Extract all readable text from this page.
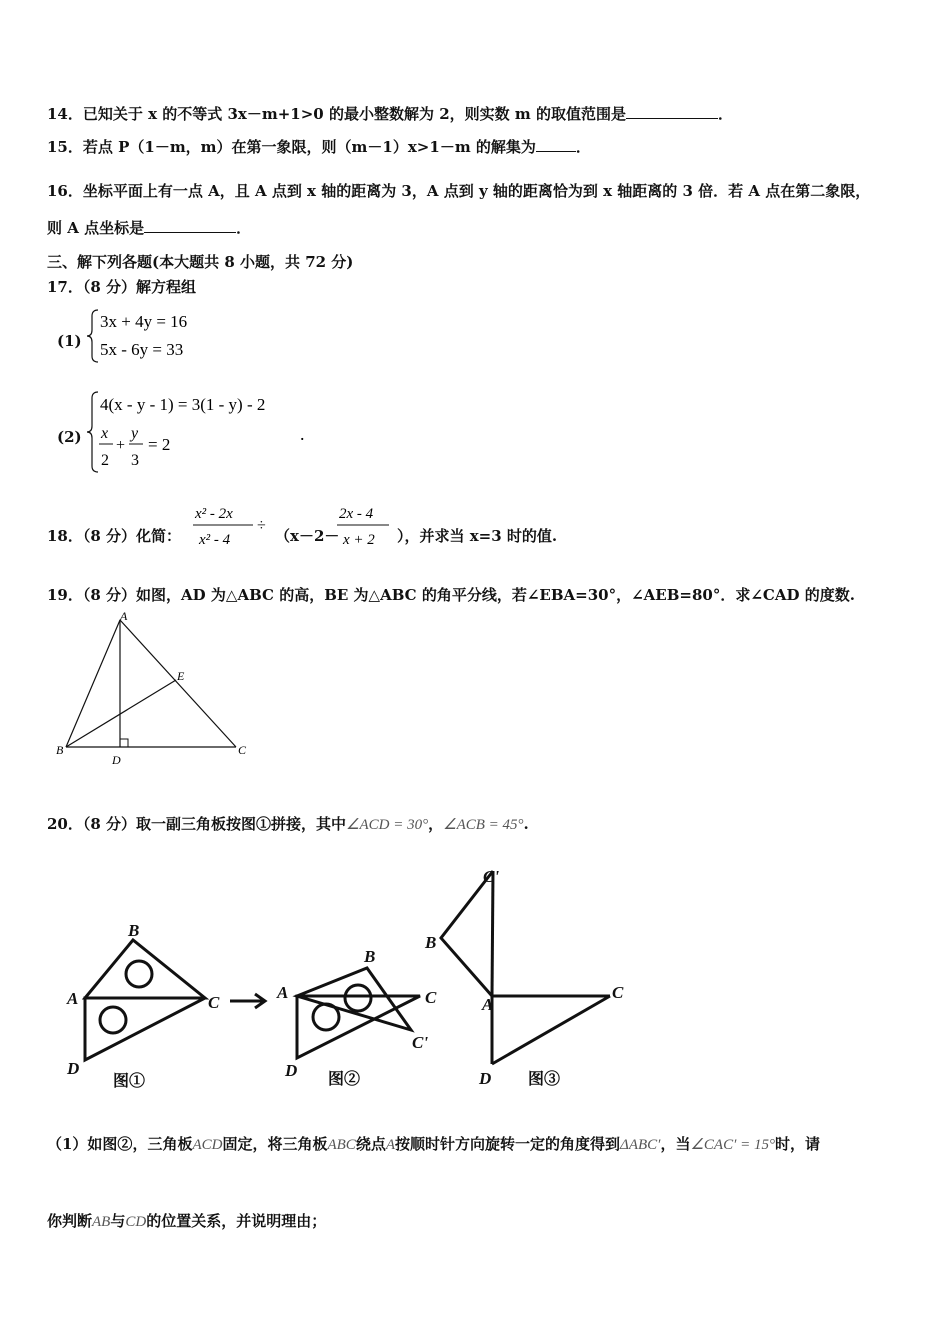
14．已知关于 x 的不等式 3x－m+1>0 的最小整数解为 2，则实数 m 的取值范围是	．
15．若点 P（1－m，m）在第一象限，则（m－1）x>1－m 的解集为	．
16．坐标平面上有一点 A，且 A 点到 x 轴的距离为 3，A 点到 y 轴的距离恰为到 x 轴距离的 3 倍．若 A 点在第二象限，
则 A 点坐标是	．
三、解下列各题(本大题共 8 小题，共 72 分)
17．（8 分）解方程组
(1)
3x + 4y = 16
5x - 6y = 33
(2)
4(x - y - 1) = 3(1 - y) - 2
x
2
+
y
3
= 2
.
18．（8 分）化简：
x² - 2x
x² - 4
÷
（x－2－
2x - 4
x + 2 ），并求当 x=3 时的值.
19．（8 分）如图，AD 为△ABC 的高，BE 为△ABC 的角平分线，若∠EBA=30°，∠AEB=80°．求∠CAD 的度数.
A
B	C
D
E
20．（8 分）取一副三角板按图①拼接，其中∠ACD = 30°，∠ACB = 45°.
B
A	C
D
B
A	C
C'
D
C'
B
A
C
D
图①	图②	图③
（1）如图②，三角板ACD固定，将三角板ABC绕点A按顺时针方向旋转一定的角度得到ΔABC′，当∠CAC′ = 15°时，请
你判断AB与CD的位置关系，并说明理由；
